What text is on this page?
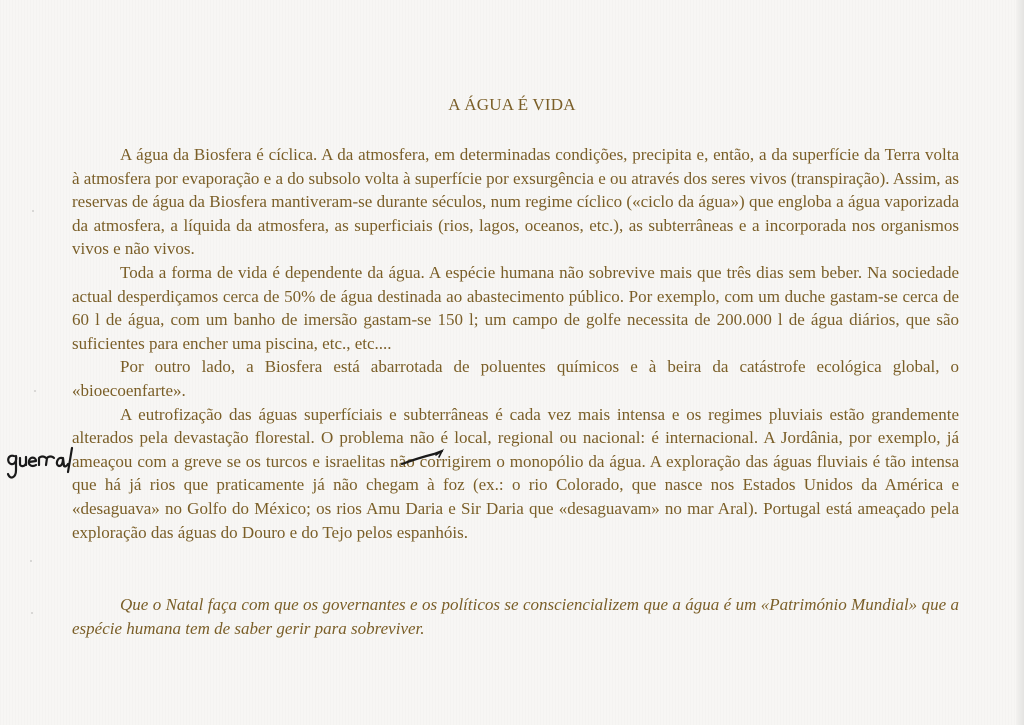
A ÁGUA É VIDA

A água da Biosfera é cíclica. A da atmosfera, em determinadas condições, precipita e, então, a da superfície da Terra volta à atmosfera por evaporação e a do subsolo volta à superfície por exsurgência e ou através dos seres vivos (transpiração). Assim, as reservas de água da Biosfera mantiveram-se durante séculos, num regime cíclico («ciclo da água») que engloba a água vaporizada da atmosfera, a líquida da atmosfera, as superficiais (rios, lagos, oceanos, etc.), as subterrâneas e a incorporada nos organismos vivos e não vivos.

Toda a forma de vida é dependente da água. A espécie humana não sobrevive mais que três dias sem beber. Na sociedade actual desperdiçamos cerca de 50% de água destinada ao abastecimento público. Por exemplo, com um duche gastam-se cerca de 60 l de água, com um banho de imersão gastam-se 150 l; um campo de golfe necessita de 200.000 l de água diários, que são suficientes para encher uma piscina, etc., etc....

Por outro lado, a Biosfera está abarrotada de poluentes químicos e à beira da catástrofe ecológica global, o «bioecoenfarte».

A eutrofização das águas superfíciais e subterrâneas é cada vez mais intensa e os regimes pluviais estão grandemente alterados pela devastação florestal. O problema não é local, regional ou nacional: é internacional. A Jordânia, por exemplo, já ameaçou com a greve se os turcos e israelitas não corrigirem o monopólio da água. A exploração das águas fluviais é tão intensa que há já rios que praticamente já não chegam à foz (ex.: o rio Colorado, que nasce nos Estados Unidos da América e «desaguava» no Golfo do México; os rios Amu Daria e Sir Daria que «desaguavam» no mar Aral). Portugal está ameaçado pela exploração das águas do Douro e do Tejo pelos espanhóis.

Que o Natal faça com que os governantes e os políticos se consciencializem que a água é um «Património Mundial» que a espécie humana tem de saber gerir para sobreviver.
